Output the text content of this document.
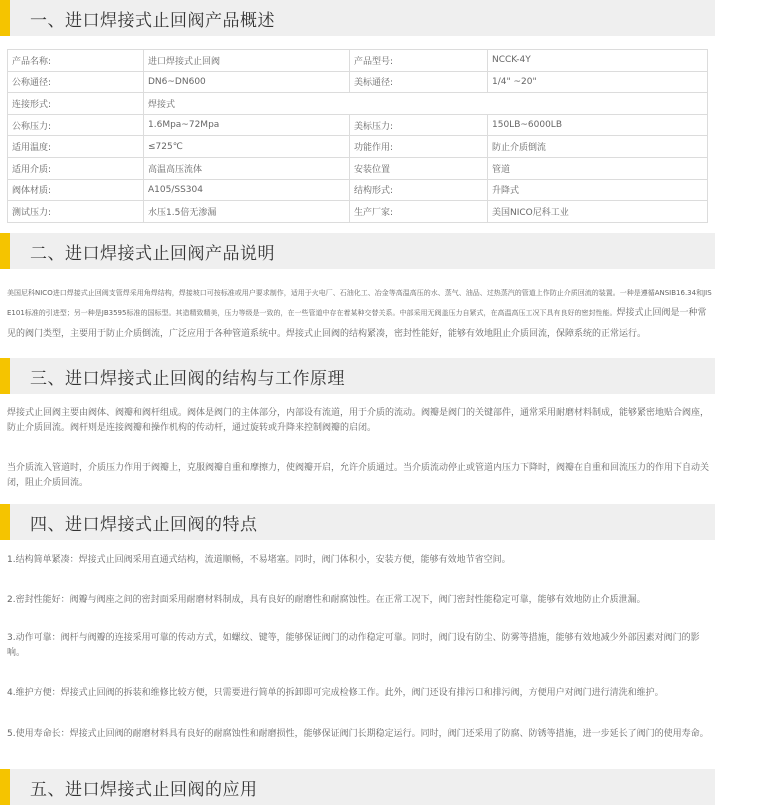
一、进口焊接式止回阀产品概述
产品名称:	进口焊接式止回阀	产品型号:	NCCK-4Y
公称通径:	DN6~DN600	美标通径:	1/4" ~20"
连接形式:	焊接式		
公称压力:	1.6Mpa~72Mpa	美标压力:	150LB~6000LB
适用温度:	≤725℃	功能作用:	防止介质倒流
适用介质:	高温高压流体	安装位置	管道
阀体材质:	A105/SS304	结构形式:	升降式
测试压力:	水压1.5倍无渗漏	生产厂家:	美国NICO尼科工业
二、进口焊接式止回阀产品说明
美国尼科NICO进口焊接式止回阀支管焊采用角焊结构，焊接坡口可按标准或用户要求制作，适用于火电厂、石油化工、冶金等高温高压的水、蒸气、油品、过热蒸汽的管道上作防止介质回流的装置。一种是遵循ANSIB16.34和JIS E101标准的引进型；另一种是JB3595标准的国标型。其造精致精美，压力等级是一致的，在一些管道中存在着某种交替关系。中部采用无阀盖压力自紧式，在高温高压工况下具有良好的密封性能。焊接式止回阀是一种常见的阀门类型，主要用于防止介质倒流，广泛应用于各种管道系统中。焊接式止回阀的结构紧凑，密封性能好，能够有效地阻止介质回流，保障系统的正常运行。
三、进口焊接式止回阀的结构与工作原理
焊接式止回阀主要由阀体、阀瓣和阀杆组成。阀体是阀门的主体部分，内部设有流道，用于介质的流动。阀瓣是阀门的关键部件，通常采用耐磨材料制成，能够紧密地贴合阀座，防止介质回流。阀杆则是连接阀瓣和操作机构的传动杆，通过旋转或升降来控制阀瓣的启闭。
当介质流入管道时，介质压力作用于阀瓣上，克服阀瓣自重和摩擦力，使阀瓣开启，允许介质通过。当介质流动停止或管道内压力下降时，阀瓣在自重和回流压力的作用下自动关闭，阻止介质回流。
四、进口焊接式止回阀的特点
1.结构简单紧凑：焊接式止回阀采用直通式结构，流道顺畅，不易堵塞。同时，阀门体积小，安装方便，能够有效地节省空间。
2.密封性能好：阀瓣与阀座之间的密封面采用耐磨材料制成，具有良好的耐磨性和耐腐蚀性。在正常工况下，阀门密封性能稳定可靠，能够有效地防止介质泄漏。
3.动作可靠：阀杆与阀瓣的连接采用可靠的传动方式，如螺纹、键等，能够保证阀门的动作稳定可靠。同时，阀门设有防尘、防雾等措施，能够有效地减少外部因素对阀门的影响。
4.维护方便：焊接式止回阀的拆装和维修比较方便，只需要进行简单的拆卸即可完成检修工作。此外，阀门还设有排污口和排污阀，方便用户对阀门进行清洗和维护。
5.使用寿命长：焊接式止回阀的耐磨材料具有良好的耐腐蚀性和耐磨损性，能够保证阀门长期稳定运行。同时，阀门还采用了防腐、防锈等措施，进一步延长了阀门的使用寿命。
五、进口焊接式止回阀的应用
